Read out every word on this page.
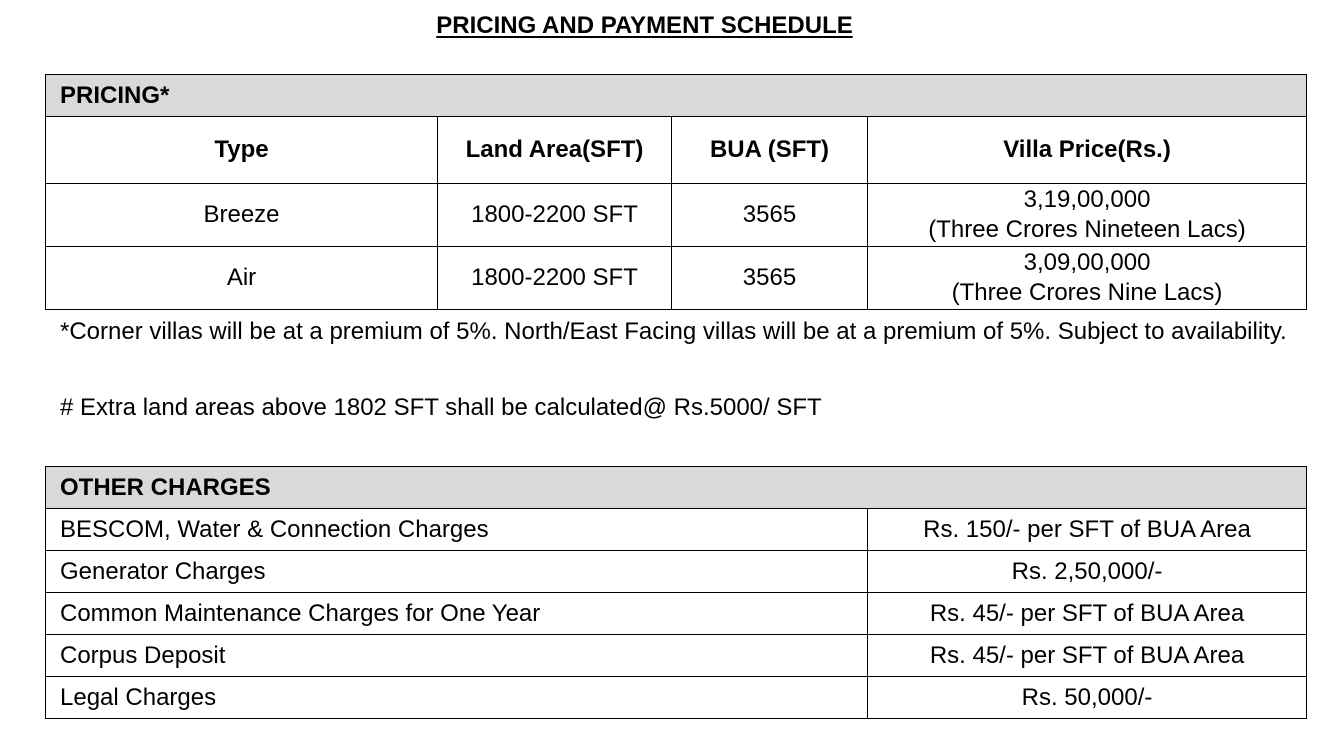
PRICING AND PAYMENT SCHEDULE
PRICING*			
Type	Land Area(SFT)	BUA (SFT)	Villa Price(Rs.)
Breeze	1800-2200 SFT	3565	3,19,00,000
(Three Crores Nineteen Lacs)

Air	1800-2200 SFT	3565	3,09,00,000
(Three Crores Nine Lacs)
*Corner villas will be at a premium of 5%. North/East Facing villas will be at a premium of 5%. Subject to availability.
# Extra land areas above 1802 SFT shall be calculated@ Rs.5000/ SFT
OTHER CHARGES	
BESCOM, Water & Connection Charges	Rs. 150/- per SFT of BUA Area
Generator Charges	Rs. 2,50,000/-
Common Maintenance Charges for One Year	Rs. 45/- per SFT of BUA Area
Corpus Deposit	Rs. 45/- per SFT of BUA Area
Legal Charges	Rs. 50,000/-
